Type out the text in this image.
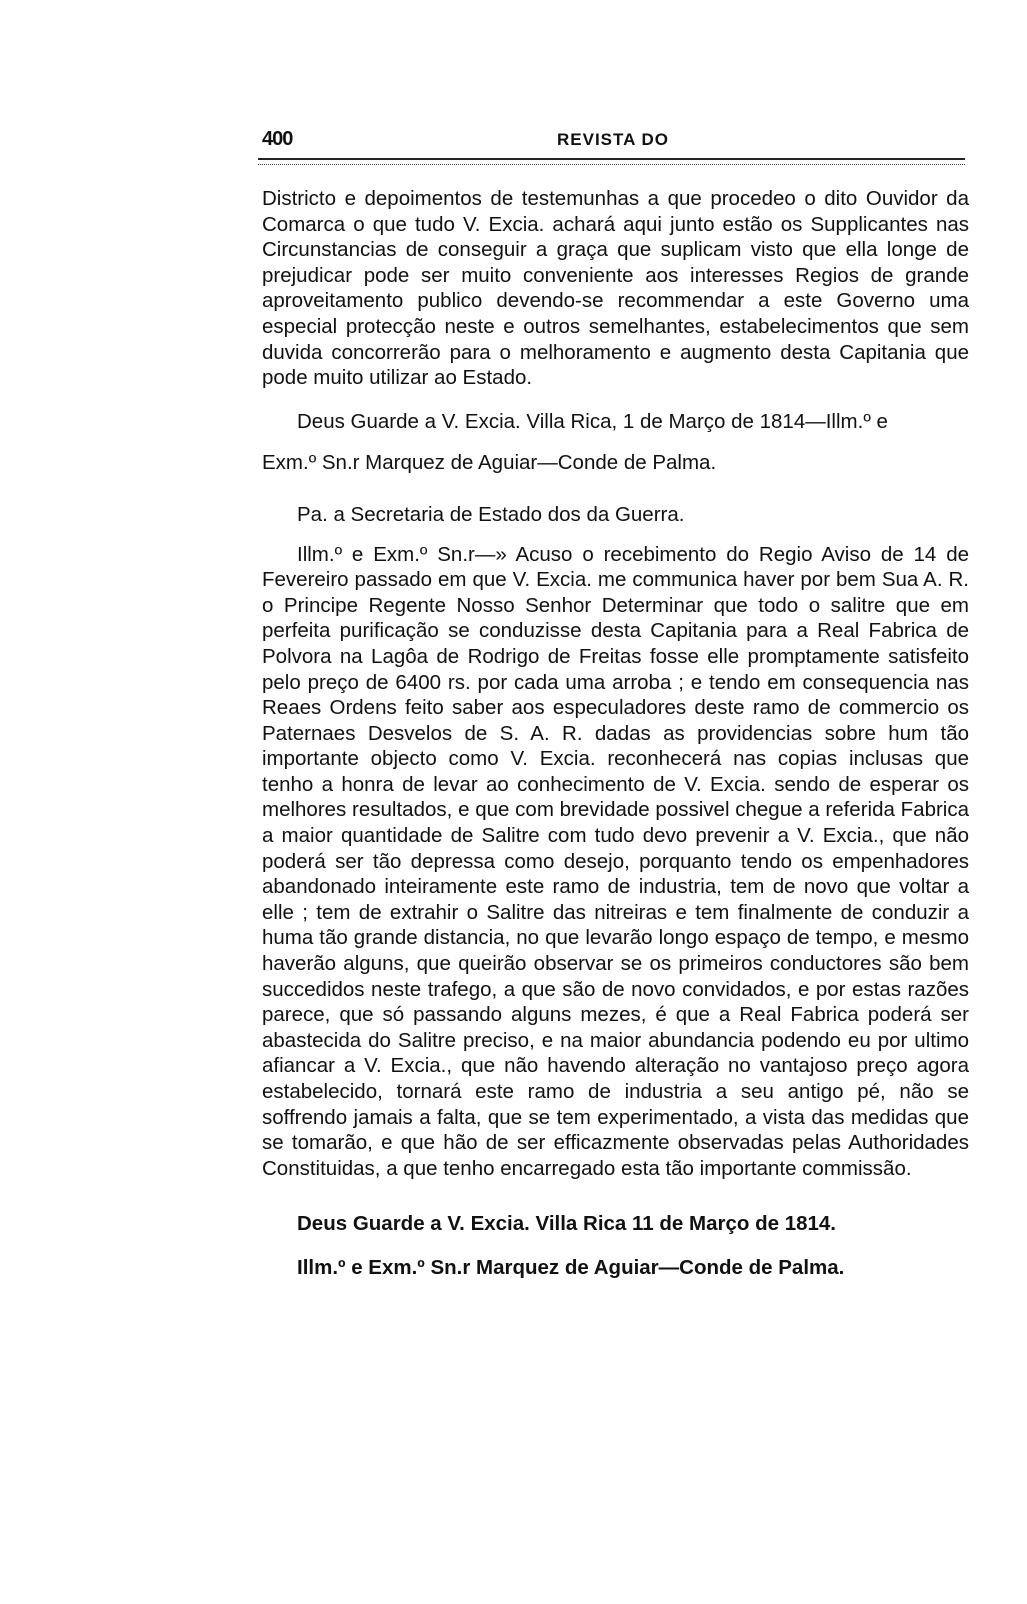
400	REVISTA DO

Districto e depoimentos de testemunhas a que procedeo o dito Ouvidor da Comarca o que tudo V. Excia. achará aqui junto estão os Supplicantes nas Circunstancias de conseguir a graça que suplicam visto que ella longe de prejudicar pode ser muito conveniente aos interesses Regios de grande aproveitamento publico devendo-se recommendar a este Governo uma especial protecção neste e outros semelhantes, estabelecimentos que sem duvida concorrerão para o melhoramento e augmento desta Capitania que pode muito utilizar ao Estado.

Deus Guarde a V. Excia. Villa Rica, 1 de Março de 1814—Illm.º e

Exm.º Sn.r Marquez de Aguiar—Conde de Palma.

Pa. a Secretaria de Estado dos da Guerra.

Illm.º e Exm.º Sn.r—» Acuso o recebimento do Regio Aviso de 14 de Fevereiro passado em que V. Excia. me communica haver por bem Sua A. R. o Principe Regente Nosso Senhor Determinar que todo o salitre que em perfeita purificação se conduzisse desta Capitania para a Real Fabrica de Polvora na Lagôa de Rodrigo de Freitas fosse elle promptamente satisfeito pelo preço de 6400 rs. por cada uma arroba ; e tendo em consequencia nas Reaes Ordens feito saber aos especuladores deste ramo de commercio os Paternaes Desvelos de S. A. R. dadas as providencias sobre hum tão importante objecto como V. Excia. reconhecerá nas copias inclusas que tenho a honra de levar ao conhecimento de V. Excia. sendo de esperar os melhores resultados, e que com brevidade possivel chegue a referida Fabrica a maior quantidade de Salitre com tudo devo prevenir a V. Excia., que não poderá ser tão depressa como desejo, porquanto tendo os empenhadores abandonado inteiramente este ramo de industria, tem de novo que voltar a elle ; tem de extrahir o Salitre das nitreiras e tem finalmente de conduzir a huma tão grande distancia, no que levarão longo espaço de tempo, e mesmo haverão alguns, que queirão observar se os primeiros conductores são bem succedidos neste trafego, a que são de novo convidados, e por estas razões parece, que só passando alguns mezes, é que a Real Fabrica poderá ser abastecida do Salitre preciso, e na maior abundancia podendo eu por ultimo afiancar a V. Excia., que não havendo alteração no vantajoso preço agora estabelecido, tornará este ramo de industria a seu antigo pé, não se soffrendo jamais a falta, que se tem experimentado, a vista das medidas que se tomarão, e que hão de ser efficazmente observadas pelas Authoridades Constituidas, a que tenho encarregado esta tão importante commissão.

Deus Guarde a V. Excia. Villa Rica 11 de Março de 1814.

Illm.º e Exm.º Sn.r Marquez de Aguiar—Conde de Palma.
